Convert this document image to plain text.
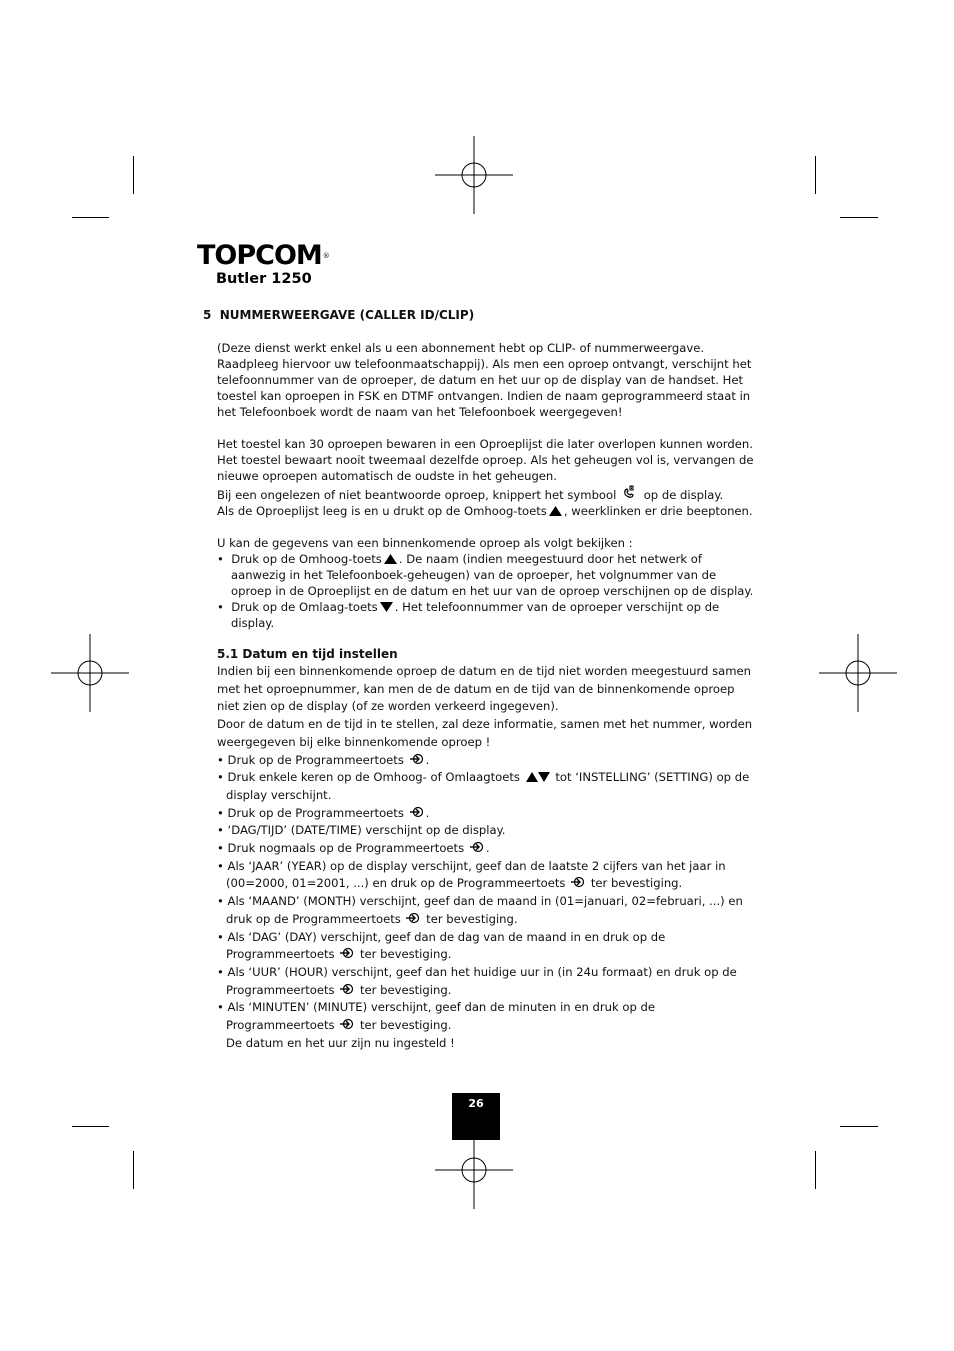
TOPCOM®
Butler 1250
5 NUMMERWEERGAVE (CALLER ID/CLIP)

(Deze dienst werkt enkel als u een abonnement hebt op CLIP- of nummerweergave. Raadpleeg hiervoor uw telefoonmaatschappij). Als men een oproep ontvangt, verschijnt het telefoonnummer van de oproeper, de datum en het uur op de display van de handset. Het toestel kan oproepen in FSK en DTMF ontvangen. Indien de naam geprogrammeerd staat in het Telefoonboek wordt de naam van het Telefoonboek weergegeven!

Het toestel kan 30 oproepen bewaren in een Oproeplijst die later overlopen kunnen worden. Het toestel bewaart nooit tweemaal dezelfde oproep. Als het geheugen vol is, vervangen de nieuwe oproepen automatisch de oudste in het geheugen.

Bij een ongelezen of niet beantwoorde oproep, knippert het symbool op de display.

Als de Oproeplijst leeg is en u drukt op de Omhoog-toets , weerklinken er drie beeptonen.

U kan de gegevens van een binnenkomende oproep als volgt bekijken :

•  Druk op de Omhoog-toets . De naam (indien meegestuurd door het netwerk of aanwezig in het Telefoonboek-geheugen) van de oproeper, het volgnummer van de oproep in de Oproeplijst en de datum en het uur van de oproep verschijnen op de display.

•  Druk op de Omlaag-toets . Het telefoonnummer van de oproeper verschijnt op de display.

5.1 Datum en tijd instellen

Indien bij een binnenkomende oproep de datum en de tijd niet worden meegestuurd samen met het oproepnummer, kan men de de datum en de tijd van de binnenkomende oproep niet zien op de display (of ze worden verkeerd ingegeven).

Door de datum en de tijd in te stellen, zal deze informatie, samen met het nummer, worden weergegeven bij elke binnenkomende oproep !

• Druk op de Programmeertoets .

• Druk enkele keren op de Omhoog- of Omlaagtoets	tot ‘INSTELLING’ (SETTING) op de display verschijnt.

• Druk op de Programmeertoets .

• ‘DAG/TIJD’ (DATE/TIME) verschijnt op de display.

• Druk nogmaals op de Programmeertoets .

• Als ‘JAAR’ (YEAR) op de display verschijnt, geef dan de laatste 2 cijfers van het jaar in (00=2000, 01=2001, ...) en druk op de Programmeertoets ter bevestiging.

• Als ‘MAAND’ (MONTH) verschijnt, geef dan de maand in (01=januari, 02=februari, ...) en druk op de Programmeertoets ter bevestiging.

• Als ‘DAG’ (DAY) verschijnt, geef dan de dag van de maand in en druk op de Programmeertoets ter bevestiging.

• Als ‘UUR’ (HOUR) verschijnt, geef dan het huidige uur in (in 24u formaat) en druk op de Programmeertoets ter bevestiging.

• Als ‘MINUTEN’ (MINUTE) verschijnt, geef dan de minuten in en druk op de Programmeertoets ter bevestiging.

De datum en het uur zijn nu ingesteld !

26
